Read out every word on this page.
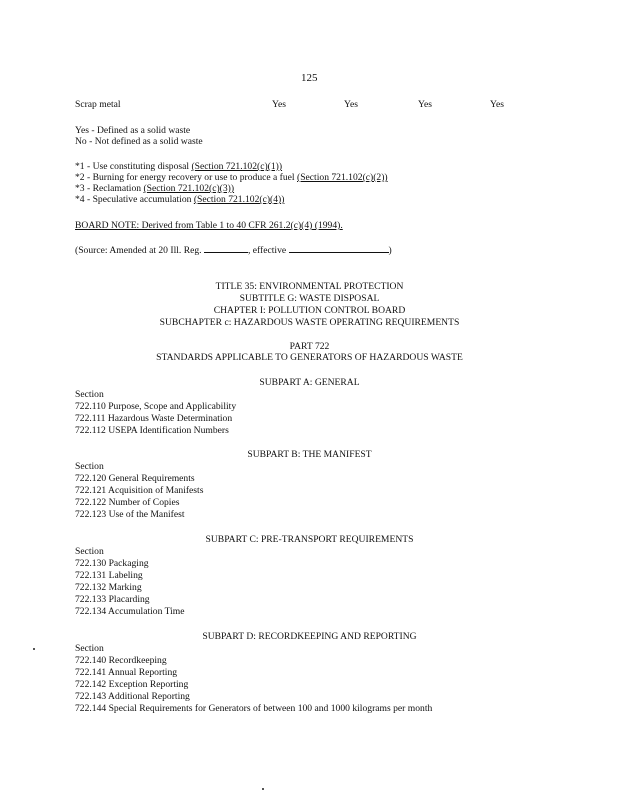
125
Scrap metal	Yes	Yes	Yes	Yes
Yes - Defined as a solid waste
No - Not defined as a solid waste
*1 - Use constituting disposal (Section 721.102(c)(1))
*2 - Burning for energy recovery or use to produce a fuel (Section 721.102(c)(2))
*3 - Reclamation (Section 721.102(c)(3))
*4 - Speculative accumulation (Section 721.102(c)(4))
BOARD NOTE: Derived from Table 1 to 40 CFR 261.2(c)(4) (1994).
(Source: Amended at 20 Ill. Reg.	, effective	)
TITLE 35: ENVIRONMENTAL PROTECTION
SUBTITLE G: WASTE DISPOSAL
CHAPTER I: POLLUTION CONTROL BOARD
SUBCHAPTER c: HAZARDOUS WASTE OPERATING REQUIREMENTS
PART 722
STANDARDS APPLICABLE TO GENERATORS OF HAZARDOUS WASTE
SUBPART A: GENERAL
Section
722.110 Purpose, Scope and Applicability
722.111 Hazardous Waste Determination
722.112 USEPA Identification Numbers
SUBPART B: THE MANIFEST
Section
722.120 General Requirements
722.121 Acquisition of Manifests
722.122 Number of Copies
722.123 Use of the Manifest
SUBPART C: PRE-TRANSPORT REQUIREMENTS
Section
722.130 Packaging
722.131 Labeling
722.132 Marking
722.133 Placarding
722.134 Accumulation Time
SUBPART D: RECORDKEEPING AND REPORTING
Section
722.140 Recordkeeping
722.141 Annual Reporting
722.142 Exception Reporting
722.143 Additional Reporting
722.144 Special Requirements for Generators of between 100 and 1000 kilograms per month
